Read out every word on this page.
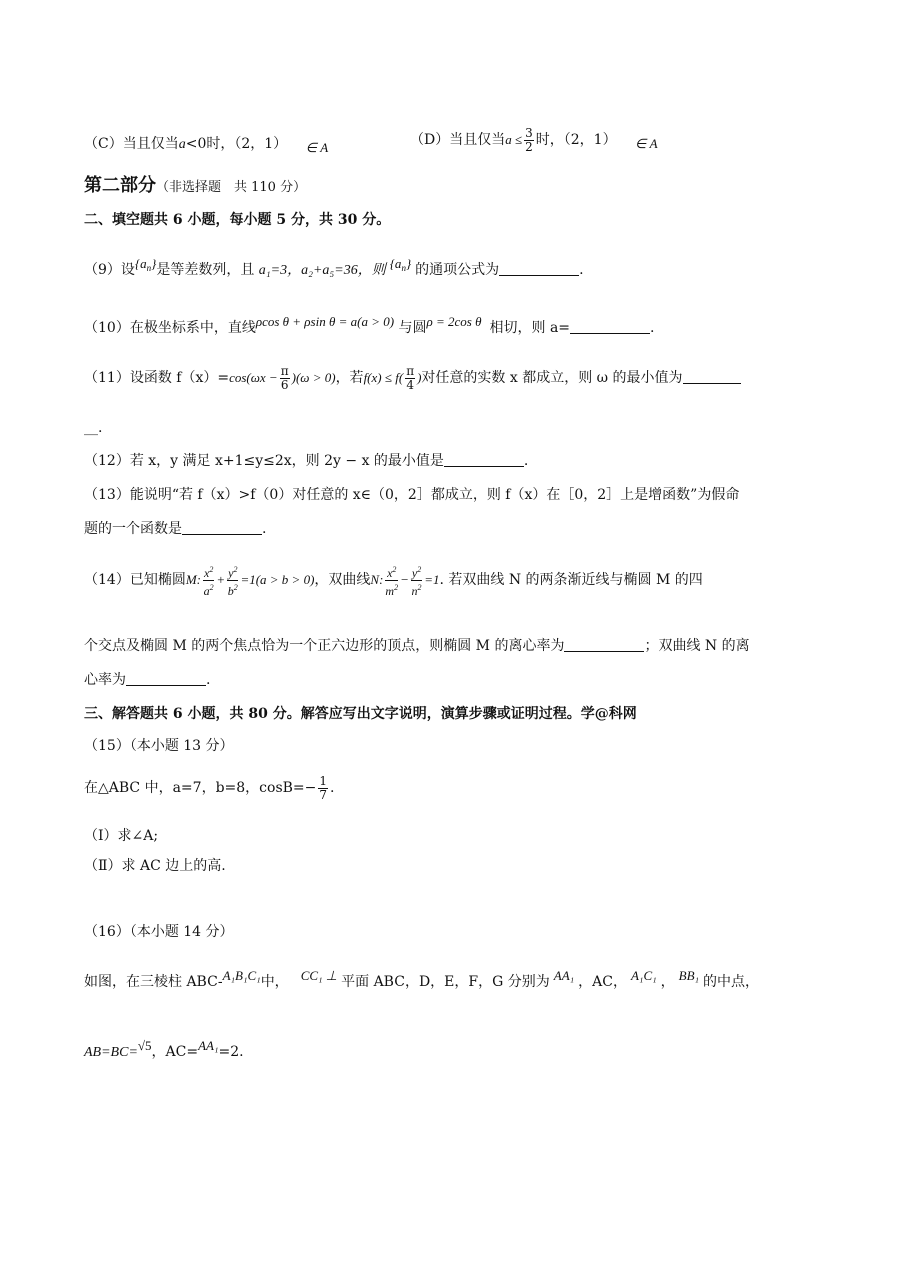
（C）当且仅当a<0时，（2，1） ∈ A	（D）当且仅当$a \le \frac{3}{2}$ 时，（2，1） ∈ A
第二部分（非选择题　共 110 分）
二、填空题共 6 小题，每小题 5 分，共 30 分。
（9）设$\{a_n\}$是等差数列，且 a₁=3，a₂+a₅=36，则 $\{a_n\}$ 的通项公式为	.
（10）在极坐标系中，直线ρcos θ + ρsin θ = a(a > 0) 与圆ρ = 2cos θ 相切，则 a=	.
（11）设函数 $f(x)=\cos(\omega x - \frac{\pi}{6} )(\omega > 0)$，若$f(x) \le f( \frac{\pi}{4}$ )对任意的实数 x 都成立，则 ω 的最小值为
__.
（12）若 x，y 满足 x+1≤y≤2x，则 2y − x 的最小值是	.
（13）能说明“若 f（x）>f（0）对任意的 x∈（0，2］都成立，则 f（x）在［0，2］上是增函数”为假命
题的一个函数是	.
（14）已知椭圆M: $\frac{x^2}{a^2} + \frac{y^2}{b^2} =1(a > b > 0)$，双曲线N: $\frac{x^2}{m^2} - \frac{y^2}{n^2} =1$. 若双曲线 N 的两条渐近线与椭圆 M 的四
个交点及椭圆 M 的两个焦点恰为一个正六边形的顶点，则椭圆 M 的离心率为	；双曲线 N 的离
心率为	.
三、解答题共 6 小题，共 80 分。解答应写出文字说明，演算步骤或证明过程。学@科网
（15）（本小题 13 分）
在△ABC 中，a=7，b=8，$\cos B=- \frac{1}{7}$ .
（Ⅰ）求∠A;
（Ⅱ）求 AC 边上的高.
（16）（本小题 14 分）
如图，在三棱柱 ABC-A₁B₁C₁中， CC₁ ⊥ 平面 ABC，D，E，F，G 分别为 AA₁ ，AC， A₁C₁ ， BB₁ 的中点，
AB=BC=√5，AC=AA₁=2.
